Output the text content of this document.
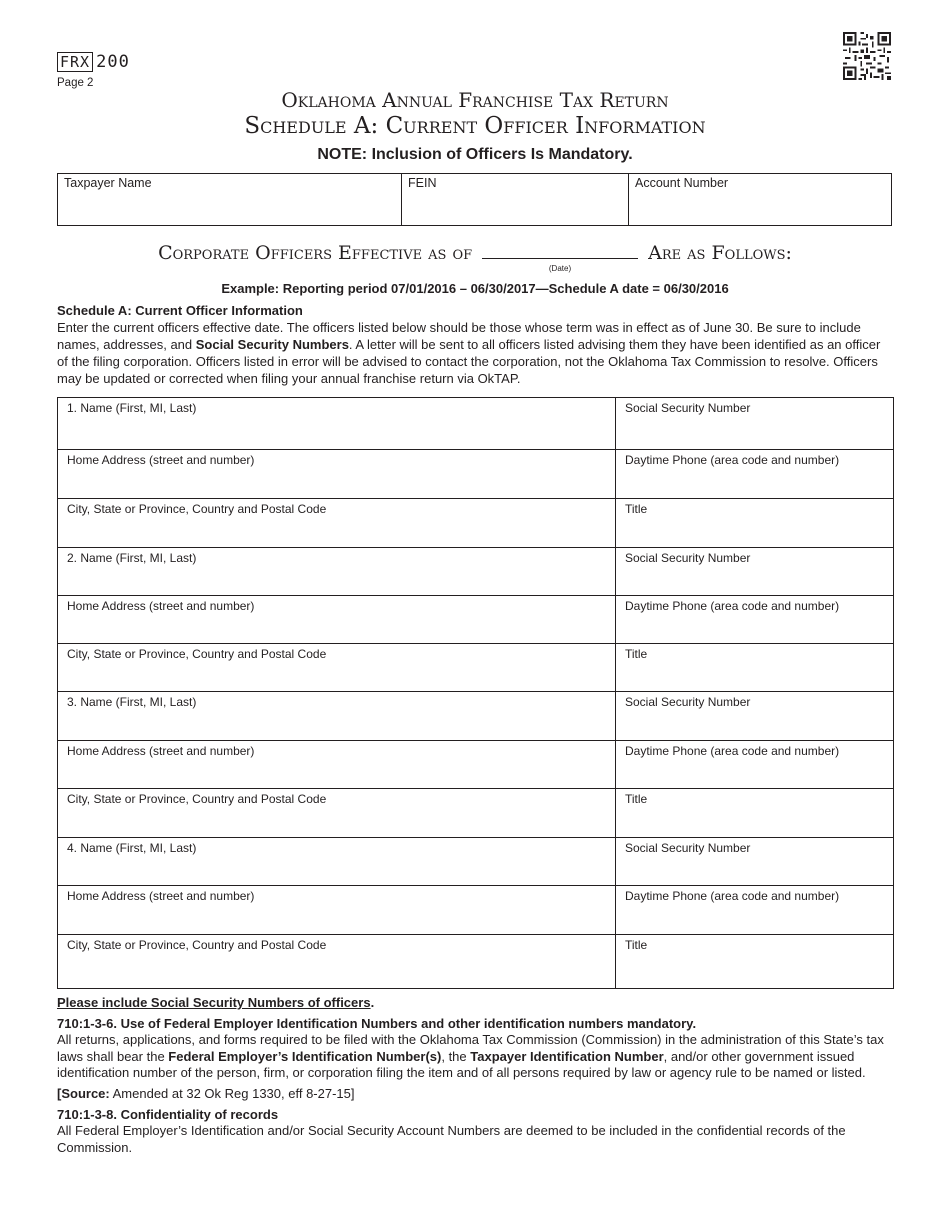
FRX 200
Page 2
Oklahoma Annual Franchise Tax Return
Schedule A: Current Officer Information
NOTE: Inclusion of Officers Is Mandatory.
Taxpayer Name	FEIN	Account Number
Corporate Officers Effective as of	Are as Follows:
(Date)
Example: Reporting period 07/01/2016 – 06/30/2017—Schedule A date = 06/30/2016
Schedule A: Current Officer Information
Enter the current officers effective date. The officers listed below should be those whose term was in effect as of June 30. Be sure to include names, addresses, and Social Security Numbers. A letter will be sent to all officers listed advising them they have been identified as an officer of the filing corporation. Officers listed in error will be advised to contact the corporation, not the Oklahoma Tax Commission to resolve. Officers may be updated or corrected when filing your annual franchise return via OkTAP.
1. Name (First, MI, Last)	Social Security Number
Home Address (street and number)	Daytime Phone (area code and number)
City, State or Province, Country and Postal Code	Title
2. Name (First, MI, Last)	Social Security Number
Home Address (street and number)	Daytime Phone (area code and number)
City, State or Province, Country and Postal Code	Title
3. Name (First, MI, Last)	Social Security Number
Home Address (street and number)	Daytime Phone (area code and number)
City, State or Province, Country and Postal Code	Title
4. Name (First, MI, Last)	Social Security Number
Home Address (street and number)	Daytime Phone (area code and number)
City, State or Province, Country and Postal Code	Title

Please include Social Security Numbers of officers.

710:1-3-6. Use of Federal Employer Identification Numbers and other identification numbers mandatory.

All returns, applications, and forms required to be filed with the Oklahoma Tax Commission (Commission) in the administration of this State’s tax laws shall bear the Federal Employer’s Identification Number(s), the Taxpayer Identification Number, and/or other government issued identification number of the person, firm, or corporation filing the item and of all persons required by law or agency rule to be named or listed.

[Source: Amended at 32 Ok Reg 1330, eff 8-27-15]

710:1-3-8. Confidentiality of records

All Federal Employer’s Identification and/or Social Security Account Numbers are deemed to be included in the confidential records of the Commission.
